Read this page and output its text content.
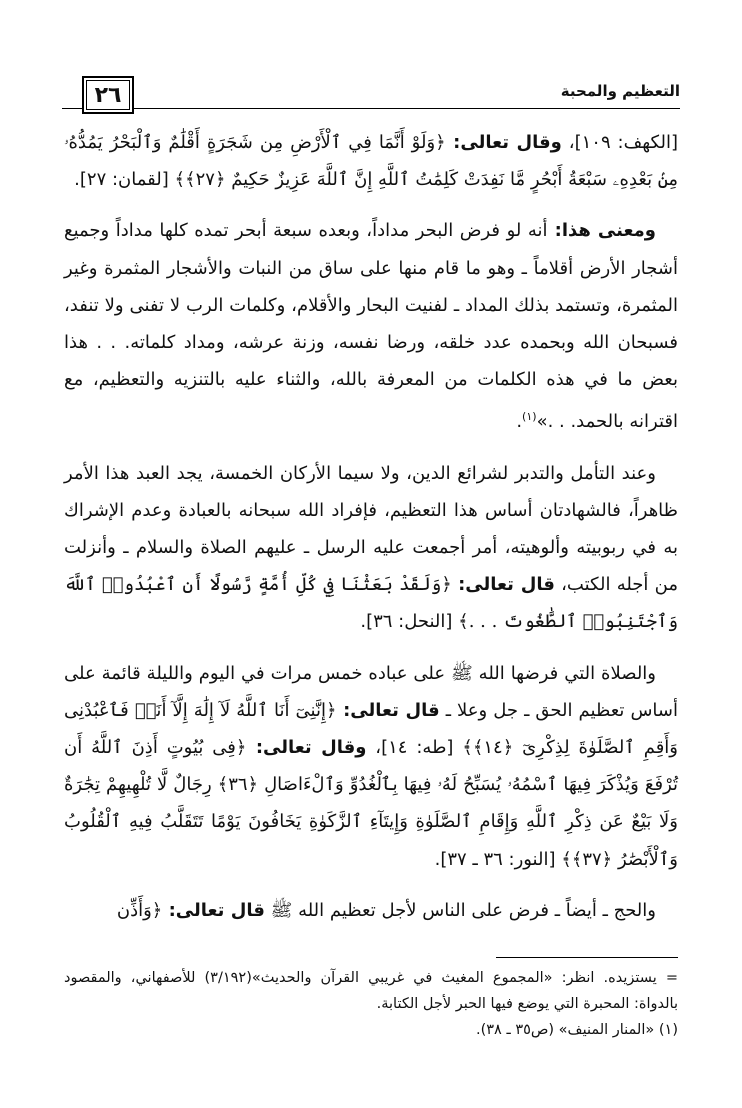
٢٦	التعظيم والمحبة

[الكهف: ١٠٩]، وقال تعالى: ﴿وَلَوْ أَنَّمَا فِي ٱلْأَرْضِ مِن شَجَرَةٍ أَقْلَٰمٌ وَٱلْبَحْرُ يَمُدُّهُۥ مِنۢ بَعْدِهِۦ سَبْعَةُ أَبْحُرٍ مَّا نَفِدَتْ كَلِمَٰتُ ٱللَّهِ إِنَّ ٱللَّهَ عَزِيزٌ حَكِيمٌ ﴿٢٧﴾﴾ [لقمان: ٢٧].

ومعنى هذا: أنه لو فرض البحر مداداً، وبعده سبعة أبحر تمده كلها مداداً وجميع أشجار الأرض أقلاماً ـ وهو ما قام منها على ساق من النبات والأشجار المثمرة وغير المثمرة، وتستمد بذلك المداد ـ لفنيت البحار والأقلام، وكلمات الرب لا تفنى ولا تنفد، فسبحان الله وبحمده عدد خلقه، ورضا نفسه، وزنة عرشه، ومداد كلماته. . . هذا بعض ما في هذه الكلمات من المعرفة بالله، والثناء عليه بالتنزيه والتعظيم، مع اقترانه بالحمد. . .»$^{(١)}$.

وعند التأمل والتدبر لشرائع الدين، ولا سيما الأركان الخمسة، يجد العبد هذا الأمر ظاهراً، فالشهادتان أساس هذا التعظيم، فإفراد الله سبحانه بالعبادة وعدم الإشراك به في ربوبيته وألوهيته، أمر أجمعت عليه الرسل ـ عليهم الصلاة والسلام ـ وأنزلت من أجله الكتب، قال تعالى: ﴿وَلَقَدْ بَعَثْنَا فِي كُلِّ أُمَّةٍ رَّسُولًا أَنِ ٱعْبُدُوا۟ ٱللَّهَ وَٱجْتَنِبُوا۟ ٱلطَّٰغُوتَ . . .﴾ [النحل: ٣٦].

والصلاة التي فرضها الله ﷺ على عباده خمس مرات في اليوم والليلة قائمة على أساس تعظيم الحق ـ جل وعلا ـ قال تعالى: ﴿إِنَّنِىٓ أَنَا ٱللَّهُ لَآ إِلَٰهَ إِلَّآ أَنَا۠ فَٱعْبُدْنِى وَأَقِمِ ٱلصَّلَوٰةَ لِذِكْرِىٓ ﴿١٤﴾﴾ [طه: ١٤]، وقال تعالى: ﴿فِى بُيُوتٍ أَذِنَ ٱللَّهُ أَن تُرْفَعَ وَيُذْكَرَ فِيهَا ٱسْمُهُۥ يُسَبِّحُ لَهُۥ فِيهَا بِٱلْغُدُوِّ وَٱلْءَاصَالِ ﴿٣٦﴾ رِجَالٌ لَّا تُلْهِيهِمْ تِجَٰرَةٌ وَلَا بَيْعٌ عَن ذِكْرِ ٱللَّهِ وَإِقَامِ ٱلصَّلَوٰةِ وَإِيتَآءِ ٱلزَّكَوٰةِ يَخَافُونَ يَوْمًا تَتَقَلَّبُ فِيهِ ٱلْقُلُوبُ وَٱلْأَبْصَٰرُ ﴿٣٧﴾﴾ [النور: ٣٦ ـ ٣٧].

والحج ـ أيضاً ـ فرض على الناس لأجل تعظيم الله ﷺ قال تعالى: ﴿وَأَذِّن

= يستزيده. انظر: «المجموع المغيث في غريبي القرآن والحديث»(٣/١٩٢) للأصفهاني، والمقصود بالدواة: المحبرة التي يوضع فيها الحبر لأجل الكتابة.

(١) «المنار المنيف» (ص٣٥ ـ ٣٨).
